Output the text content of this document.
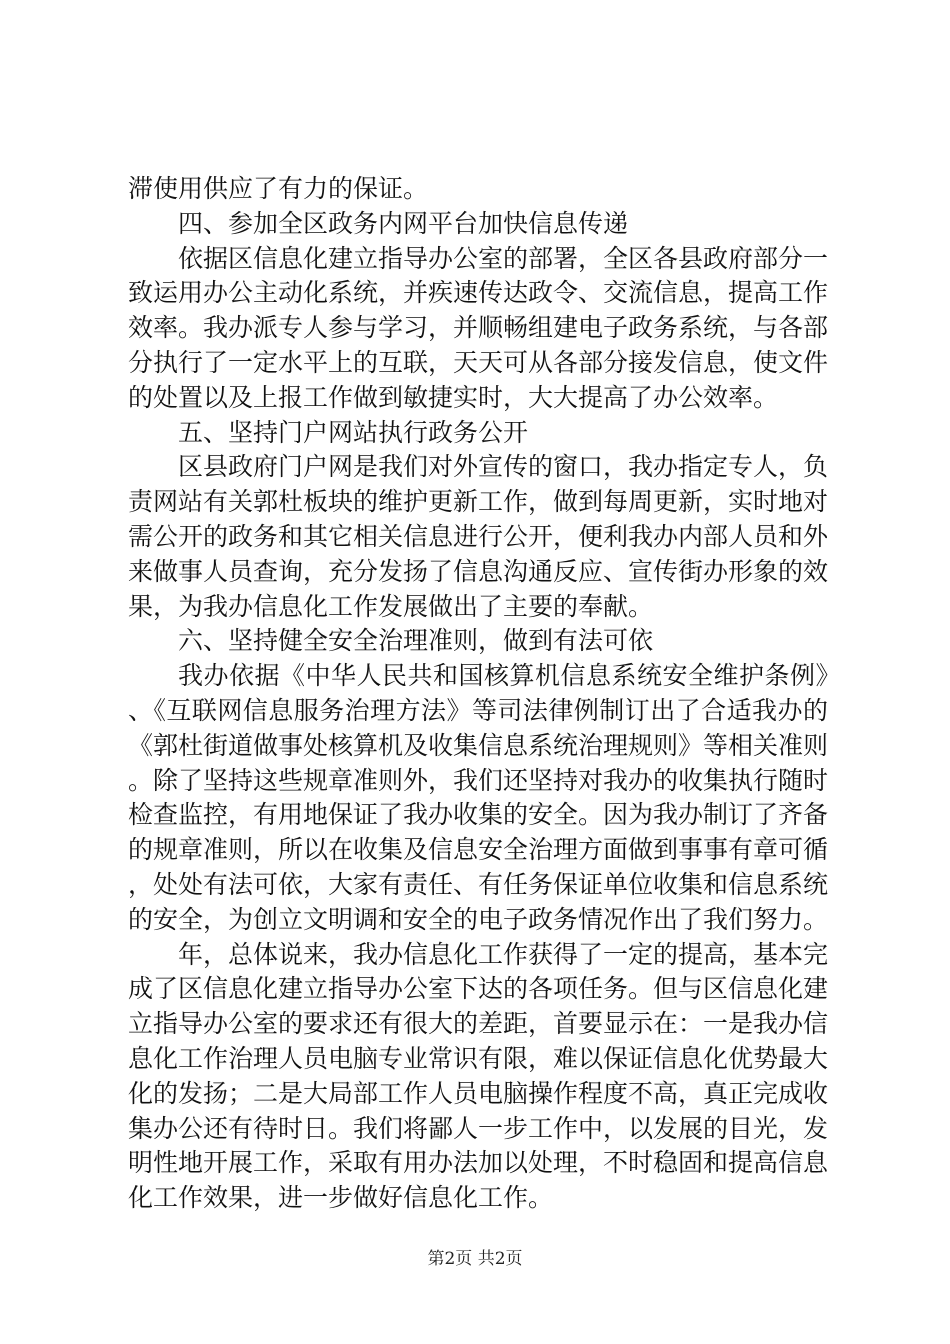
滞使用供应了有力的保证。

四、参加全区政务内网平台加快信息传递

依据区信息化建立指导办公室的部署，全区各县政府部分一致运用办公主动化系统，并疾速传达政令、交流信息，提高工作效率。我办派专人参与学习，并顺畅组建电子政务系统，与各部分执行了一定水平上的互联，天天可从各部分接发信息，使文件的处置以及上报工作做到敏捷实时，大大提高了办公效率。

五、坚持门户网站执行政务公开

区县政府门户网是我们对外宣传的窗口，我办指定专人，负责网站有关郭杜板块的维护更新工作，做到每周更新，实时地对需公开的政务和其它相关信息进行公开，便利我办内部人员和外来做事人员查询，充分发扬了信息沟通反应、宣传街办形象的效果，为我办信息化工作发展做出了主要的奉献。

六、坚持健全安全治理准则，做到有法可依

我办依据《中华人民共和国核算机信息系统安全维护条例》、《互联网信息服务治理方法》等司法律例制订出了合适我办的《郭杜街道做事处核算机及收集信息系统治理规则》等相关准则。除了坚持这些规章准则外，我们还坚持对我办的收集执行随时检查监控，有用地保证了我办收集的安全。因为我办制订了齐备的规章准则，所以在收集及信息安全治理方面做到事事有章可循，处处有法可依，大家有责任、有任务保证单位收集和信息系统的安全，为创立文明调和安全的电子政务情况作出了我们努力。

年，总体说来，我办信息化工作获得了一定的提高，基本完成了区信息化建立指导办公室下达的各项任务。但与区信息化建立指导办公室的要求还有很大的差距，首要显示在：一是我办信息化工作治理人员电脑专业常识有限，难以保证信息化优势最大化的发扬；二是大局部工作人员电脑操作程度不高，真正完成收集办公还有待时日。我们将鄙人一步工作中，以发展的目光，发明性地开展工作，采取有用办法加以处理，不时稳固和提高信息化工作效果，进一步做好信息化工作。

第2页 共2页
